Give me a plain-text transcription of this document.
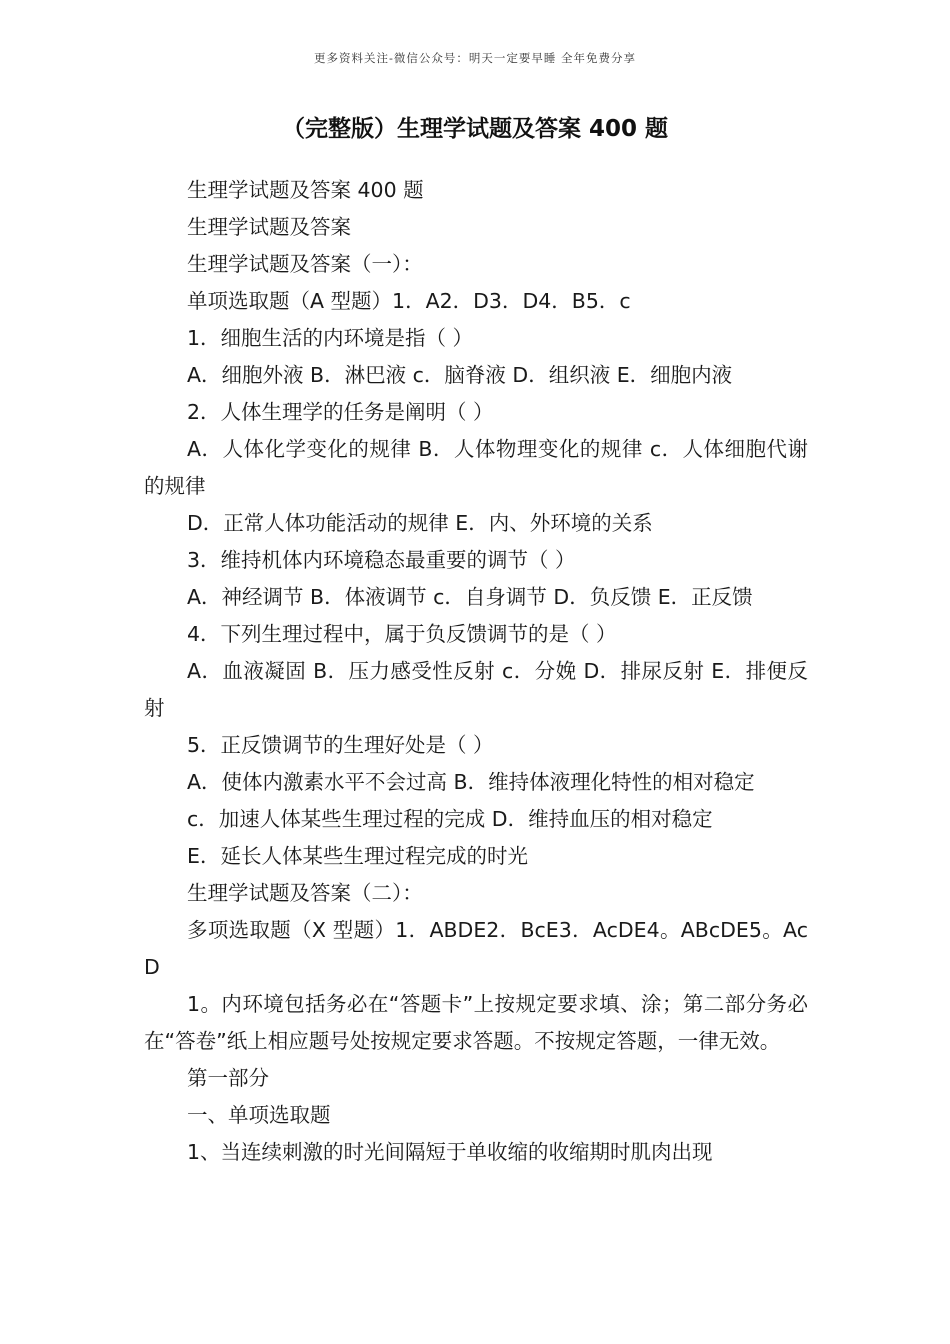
更多资料关注-微信公众号：明天一定要早睡 全年免费分享
（完整版）生理学试题及答案 400 题

生理学试题及答案 400 题

生理学试题及答案

生理学试题及答案（一）：

单项选取题（A 型题）1．A2．D3．D4．B5．c

1．细胞生活的内环境是指（ ）

A．细胞外液 B．淋巴液 c．脑脊液 D．组织液 E．细胞内液

2．人体生理学的任务是阐明（ ）

A．人体化学变化的规律 B．人体物理变化的规律 c．人体细胞代谢的规律

D．正常人体功能活动的规律 E．内、外环境的关系

3．维持机体内环境稳态最重要的调节（ ）

A．神经调节 B．体液调节 c．自身调节 D．负反馈 E．正反馈

4．下列生理过程中，属于负反馈调节的是（ ）

A．血液凝固 B．压力感受性反射 c．分娩 D．排尿反射 E．排便反射

5．正反馈调节的生理好处是（ ）

A．使体内激素水平不会过高 B．维持体液理化特性的相对稳定

c．加速人体某些生理过程的完成 D．维持血压的相对稳定

E．延长人体某些生理过程完成的时光

生理学试题及答案（二）：

多项选取题（X 型题）1．ABDE2．BcE3．AcDE4。ABcDE5。AcD

1。内环境包括务必在“答题卡”上按规定要求填、涂；第二部分务必在“答卷”纸上相应题号处按规定要求答题。不按规定答题，一律无效。

第一部分

一、单项选取题

1、当连续刺激的时光间隔短于单收缩的收缩期时肌肉出现
